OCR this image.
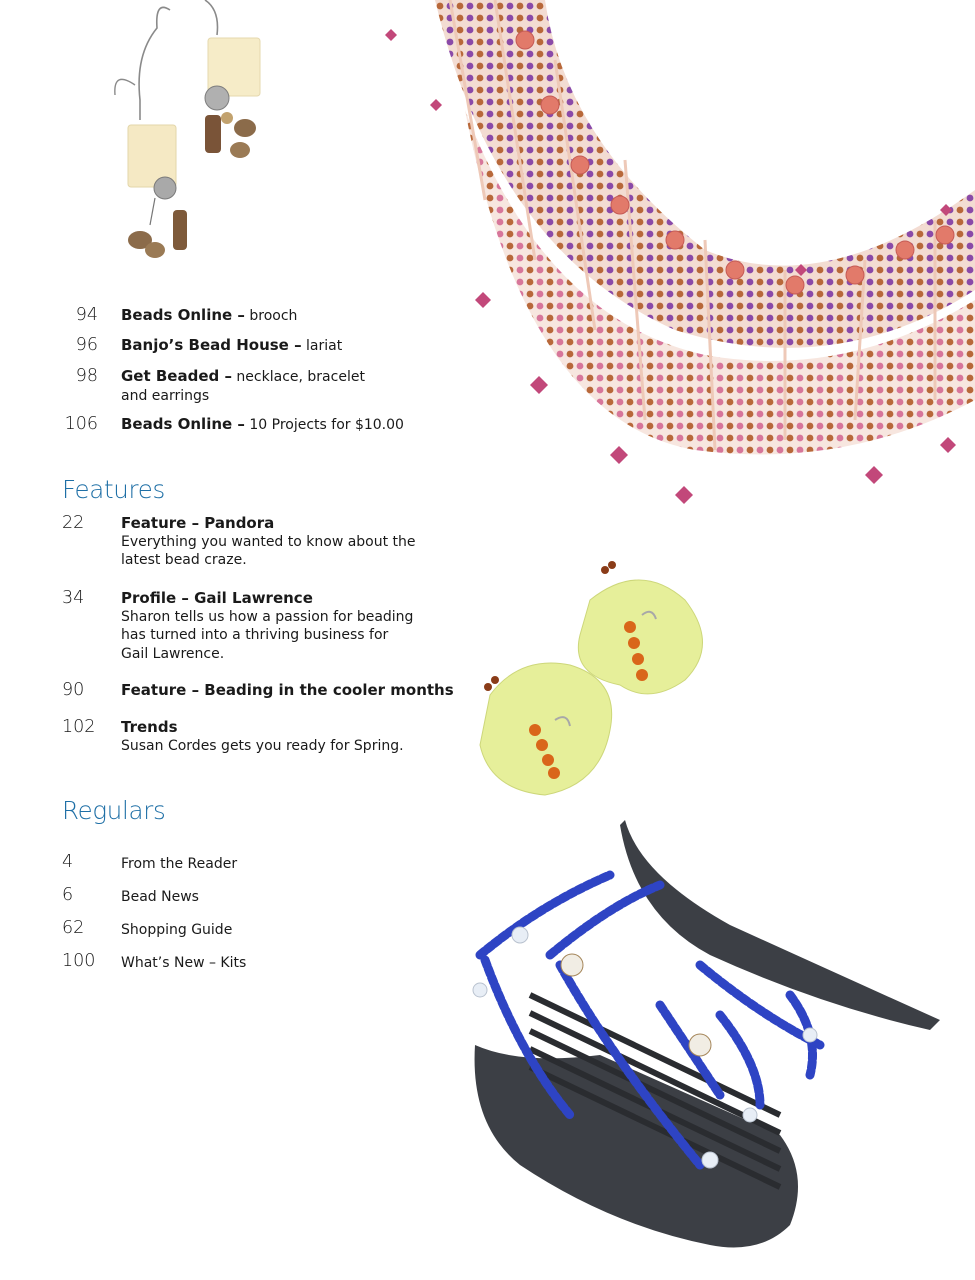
94 Beads Online – brooch
96 Banjo’s Bead House – lariat
98 Get Beaded – necklace, bracelet
and earrings
106 Beads Online – 10 Projects for $10.00
Features
22	Feature – Pandora
Everything you wanted to know about the
latest bead craze.
34	Profile – Gail Lawrence
Sharon tells us how a passion for beading
has turned into a thriving business for
Gail Lawrence.
90	Feature – Beading in the cooler months
102	Trends
Susan Cordes gets you ready for Spring.
Regulars
4	From the Reader
6	Bead News
62	Shopping Guide
100	What’s New – Kits
